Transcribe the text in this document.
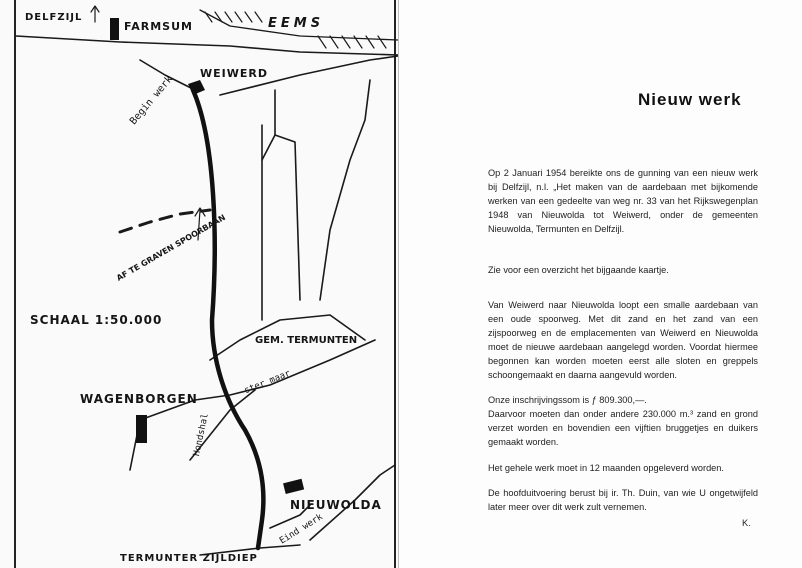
DELFZIJL
FARMSUM	EEMS
WEIWERD
Begin werk
AF TE GRAVEN SPOORBAAN
SCHAAL 1:50.000
GEM. TERMUNTEN
WAGENBORGEN
Hondshal
ster maar
NIEUWOLDA
Eind werk
TERMUNTER ZIJLDIEP
Nieuw werk

Op 2 Januari 1954 bereikte ons de gunning van een nieuw werk bij Delfzijl, n.l. „Het maken van de aardebaan met bijkomende werken van een gedeelte van weg nr. 33 van het Rijkswegenplan 1948 van Nieuwolda tot Weiwerd, onder de gemeenten Nieuwolda, Termunten en Delfzijl.

Zie voor een overzicht het bijgaande kaartje.

Van Weiwerd naar Nieuwolda loopt een smalle aardebaan van een oude spoorweg. Met dit zand en het zand van een zijspoorweg en de emplacementen van Weiwerd en Nieuwolda moet de nieuwe aardebaan aangelegd worden. Voordat hiermee begonnen kan worden moeten eerst alle sloten en greppels schoongemaakt en daarna aangevuld worden.

Onze inschrijvingssom is ƒ 809.300,—.

Daarvoor moeten dan onder andere 230.000 m.³ zand en grond verzet worden en bovendien een vijftien bruggetjes en duikers gemaakt worden.

Het gehele werk moet in 12 maanden opgeleverd worden.

De hoofduitvoering berust bij ir. Th. Duin, van wie U ongetwijfeld later meer over dit werk zult vernemen.

K.
